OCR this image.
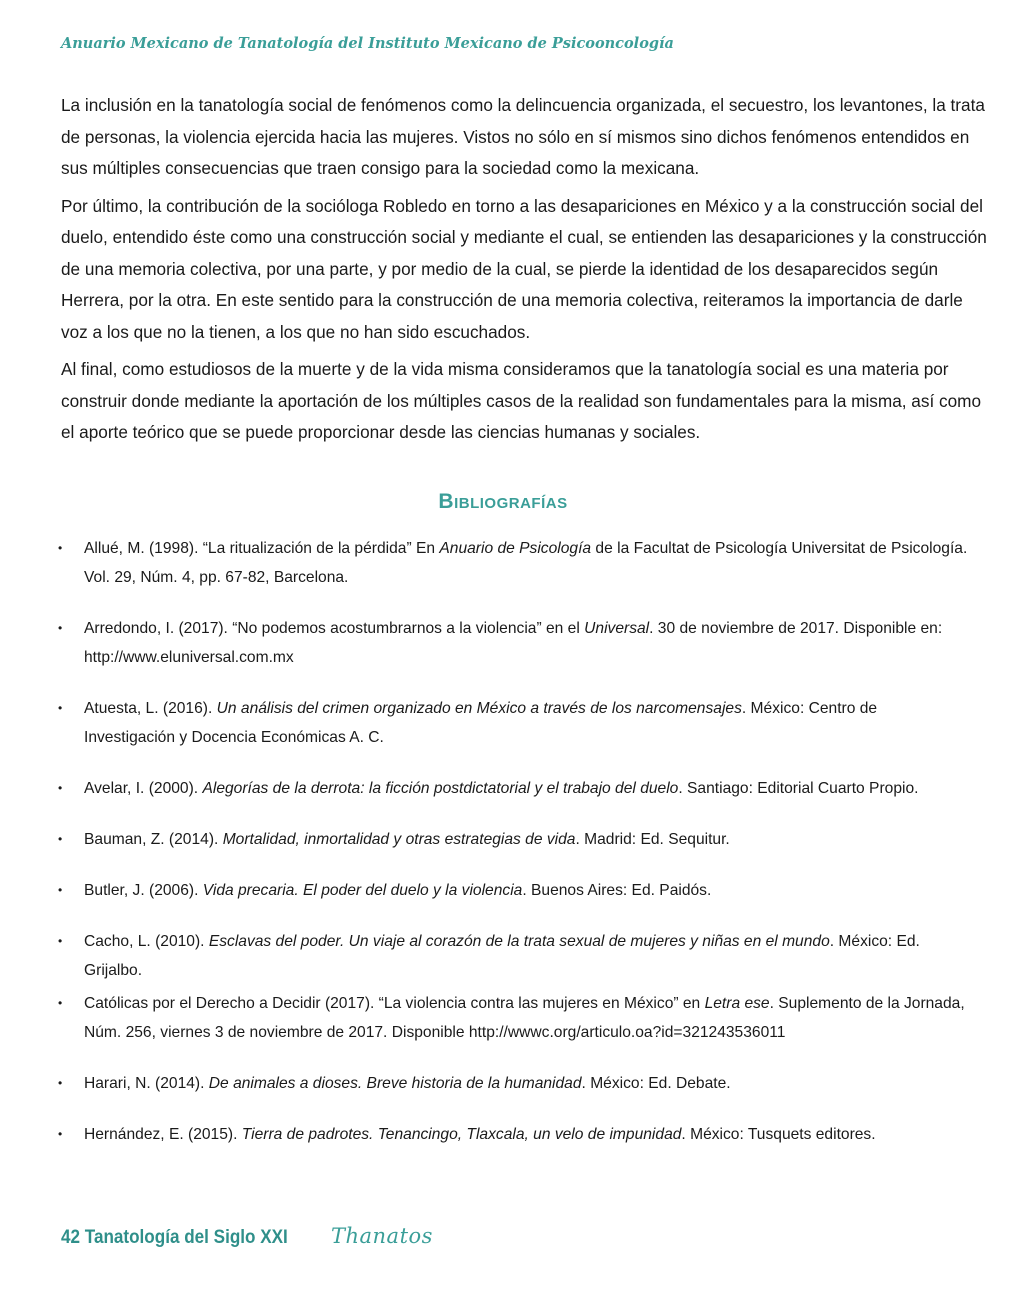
Anuario Mexicano de Tanatología del Instituto Mexicano de Psicooncología

La inclusión en la tanatología social de fenómenos como la delincuencia organizada, el secuestro, los levantones, la trata de personas, la violencia ejercida hacia las mujeres. Vistos no sólo en sí mismos sino dichos fenómenos entendidos en sus múltiples consecuencias que traen consigo para la sociedad como la mexicana.

Por último, la contribución de la socióloga Robledo en torno a las desapariciones en México y a la construcción social del duelo, entendido éste como una construcción social y mediante el cual, se entienden las desapariciones y la construcción de una memoria colectiva, por una parte, y por medio de la cual, se pierde la identidad de los desaparecidos según Herrera, por la otra. En este sentido para la construcción de una memoria colectiva, reiteramos la importancia de darle voz a los que no la tienen, a los que no han sido escuchados.

Al final, como estudiosos de la muerte y de la vida misma consideramos que la tanatología social es una materia por construir donde mediante la aportación de los múltiples casos de la realidad son fundamentales para la misma, así como el aporte teórico que se puede proporcionar desde las ciencias humanas y sociales.

Bibliografías
• Allué, M. (1998). “La ritualización de la pérdida” En Anuario de Psicología de la Facultat de Psicología Universitat de Psicología. Vol. 29, Núm. 4, pp. 67-82, Barcelona.
• Arredondo, I. (2017). “No podemos acostumbrarnos a la violencia” en el Universal. 30 de noviembre de 2017. Disponible en: http://www.eluniversal.com.mx
• Atuesta, L. (2016). Un análisis del crimen organizado en México a través de los narcomensajes. México: Centro de Investigación y Docencia Económicas A. C.
• Avelar, I. (2000). Alegorías de la derrota: la ficción postdictatorial y el trabajo del duelo. Santiago: Editorial Cuarto Propio.
• Bauman, Z. (2014). Mortalidad, inmortalidad y otras estrategias de vida. Madrid: Ed. Sequitur.
• Butler, J. (2006). Vida precaria. El poder del duelo y la violencia. Buenos Aires: Ed. Paidós.
• Cacho, L. (2010). Esclavas del poder. Un viaje al corazón de la trata sexual de mujeres y niñas en el mundo. México: Ed. Grijalbo.
• Católicas por el Derecho a Decidir (2017). “La violencia contra las mujeres en México” en Letra ese. Suplemento de la Jornada, Núm. 256, viernes 3 de noviembre de 2017. Disponible http://wwwc.org/articulo.oa?id=321243536011
• Harari, N. (2014). De animales a dioses. Breve historia de la humanidad. México: Ed. Debate.
• Hernández, E. (2015). Tierra de padrotes. Tenancingo, Tlaxcala, un velo de impunidad. México: Tusquets editores.
42 Tanatología del Siglo XXI Thanatos
